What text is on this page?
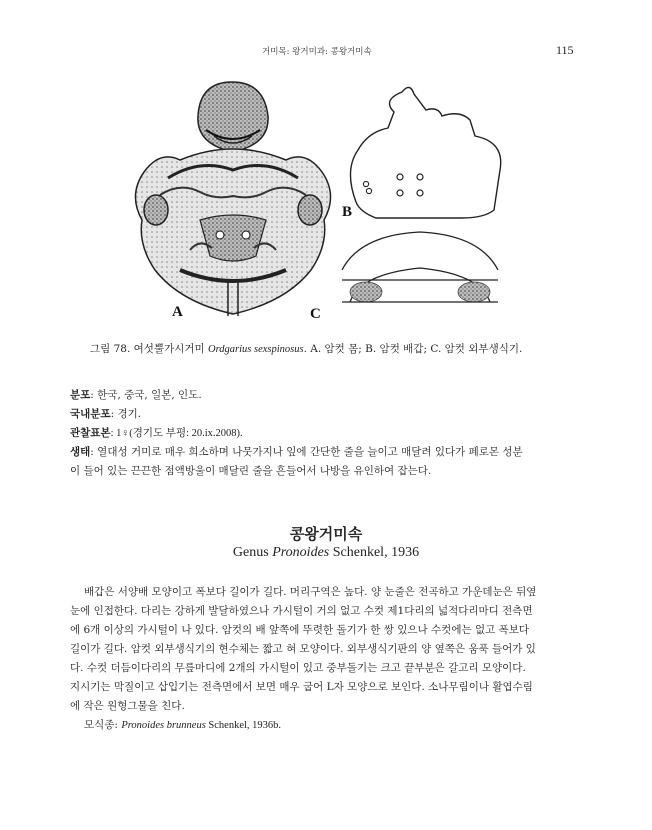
거미목: 왕거미과: 콩왕거미속	115
A
B
C
그림 78. 여섯뿔가시거미 Ordgarius sexspinosus. A. 암컷 몸; B. 암컷 배갑; C. 암컷 외부생식기.
분포: 한국, 중국, 일본, 인도.
국내분포: 경기.
관찰표본: 1♀(경기도 부평: 20.ix.2008).
생태: 열대성 거미로 매우 희소하며 나뭇가지나 잎에 간단한 줄을 늘이고 매달려 있다가 페로몬 성분
이 들어 있는 끈끈한 점액방울이 매달린 줄을 흔들어서 나방을 유인하여 잡는다.
콩왕거미속
Genus Pronoides Schenkel, 1936
배갑은 서양배 모양이고 폭보다 길이가 길다. 머리구역은 높다. 양 눈줄은 전곡하고 가운데눈은 뒤옆
눈에 인접한다. 다리는 강하게 발달하였으나 가시털이 거의 없고 수컷 제1다리의 넓적다리마디 전측면
에 6개 이상의 가시털이 나 있다. 암컷의 배 앞쪽에 뚜렷한 돌기가 한 쌍 있으나 수컷에는 없고 폭보다
길이가 길다. 암컷 외부생식기의 현수체는 짧고 혀 모양이다. 외부생식기판의 양 옆쪽은 움푹 들어가 있
다. 수컷 더듬이다리의 무릎마디에 2개의 가시털이 있고 중부돌기는 크고 끝부분은 갈고리 모양이다.
지시기는 막질이고 삽입기는 전측면에서 보면 매우 굽어 L자 모양으로 보인다. 소나무림이나 활엽수림
에 작은 원형그물을 친다.
모식종: Pronoides brunneus Schenkel, 1936b.
